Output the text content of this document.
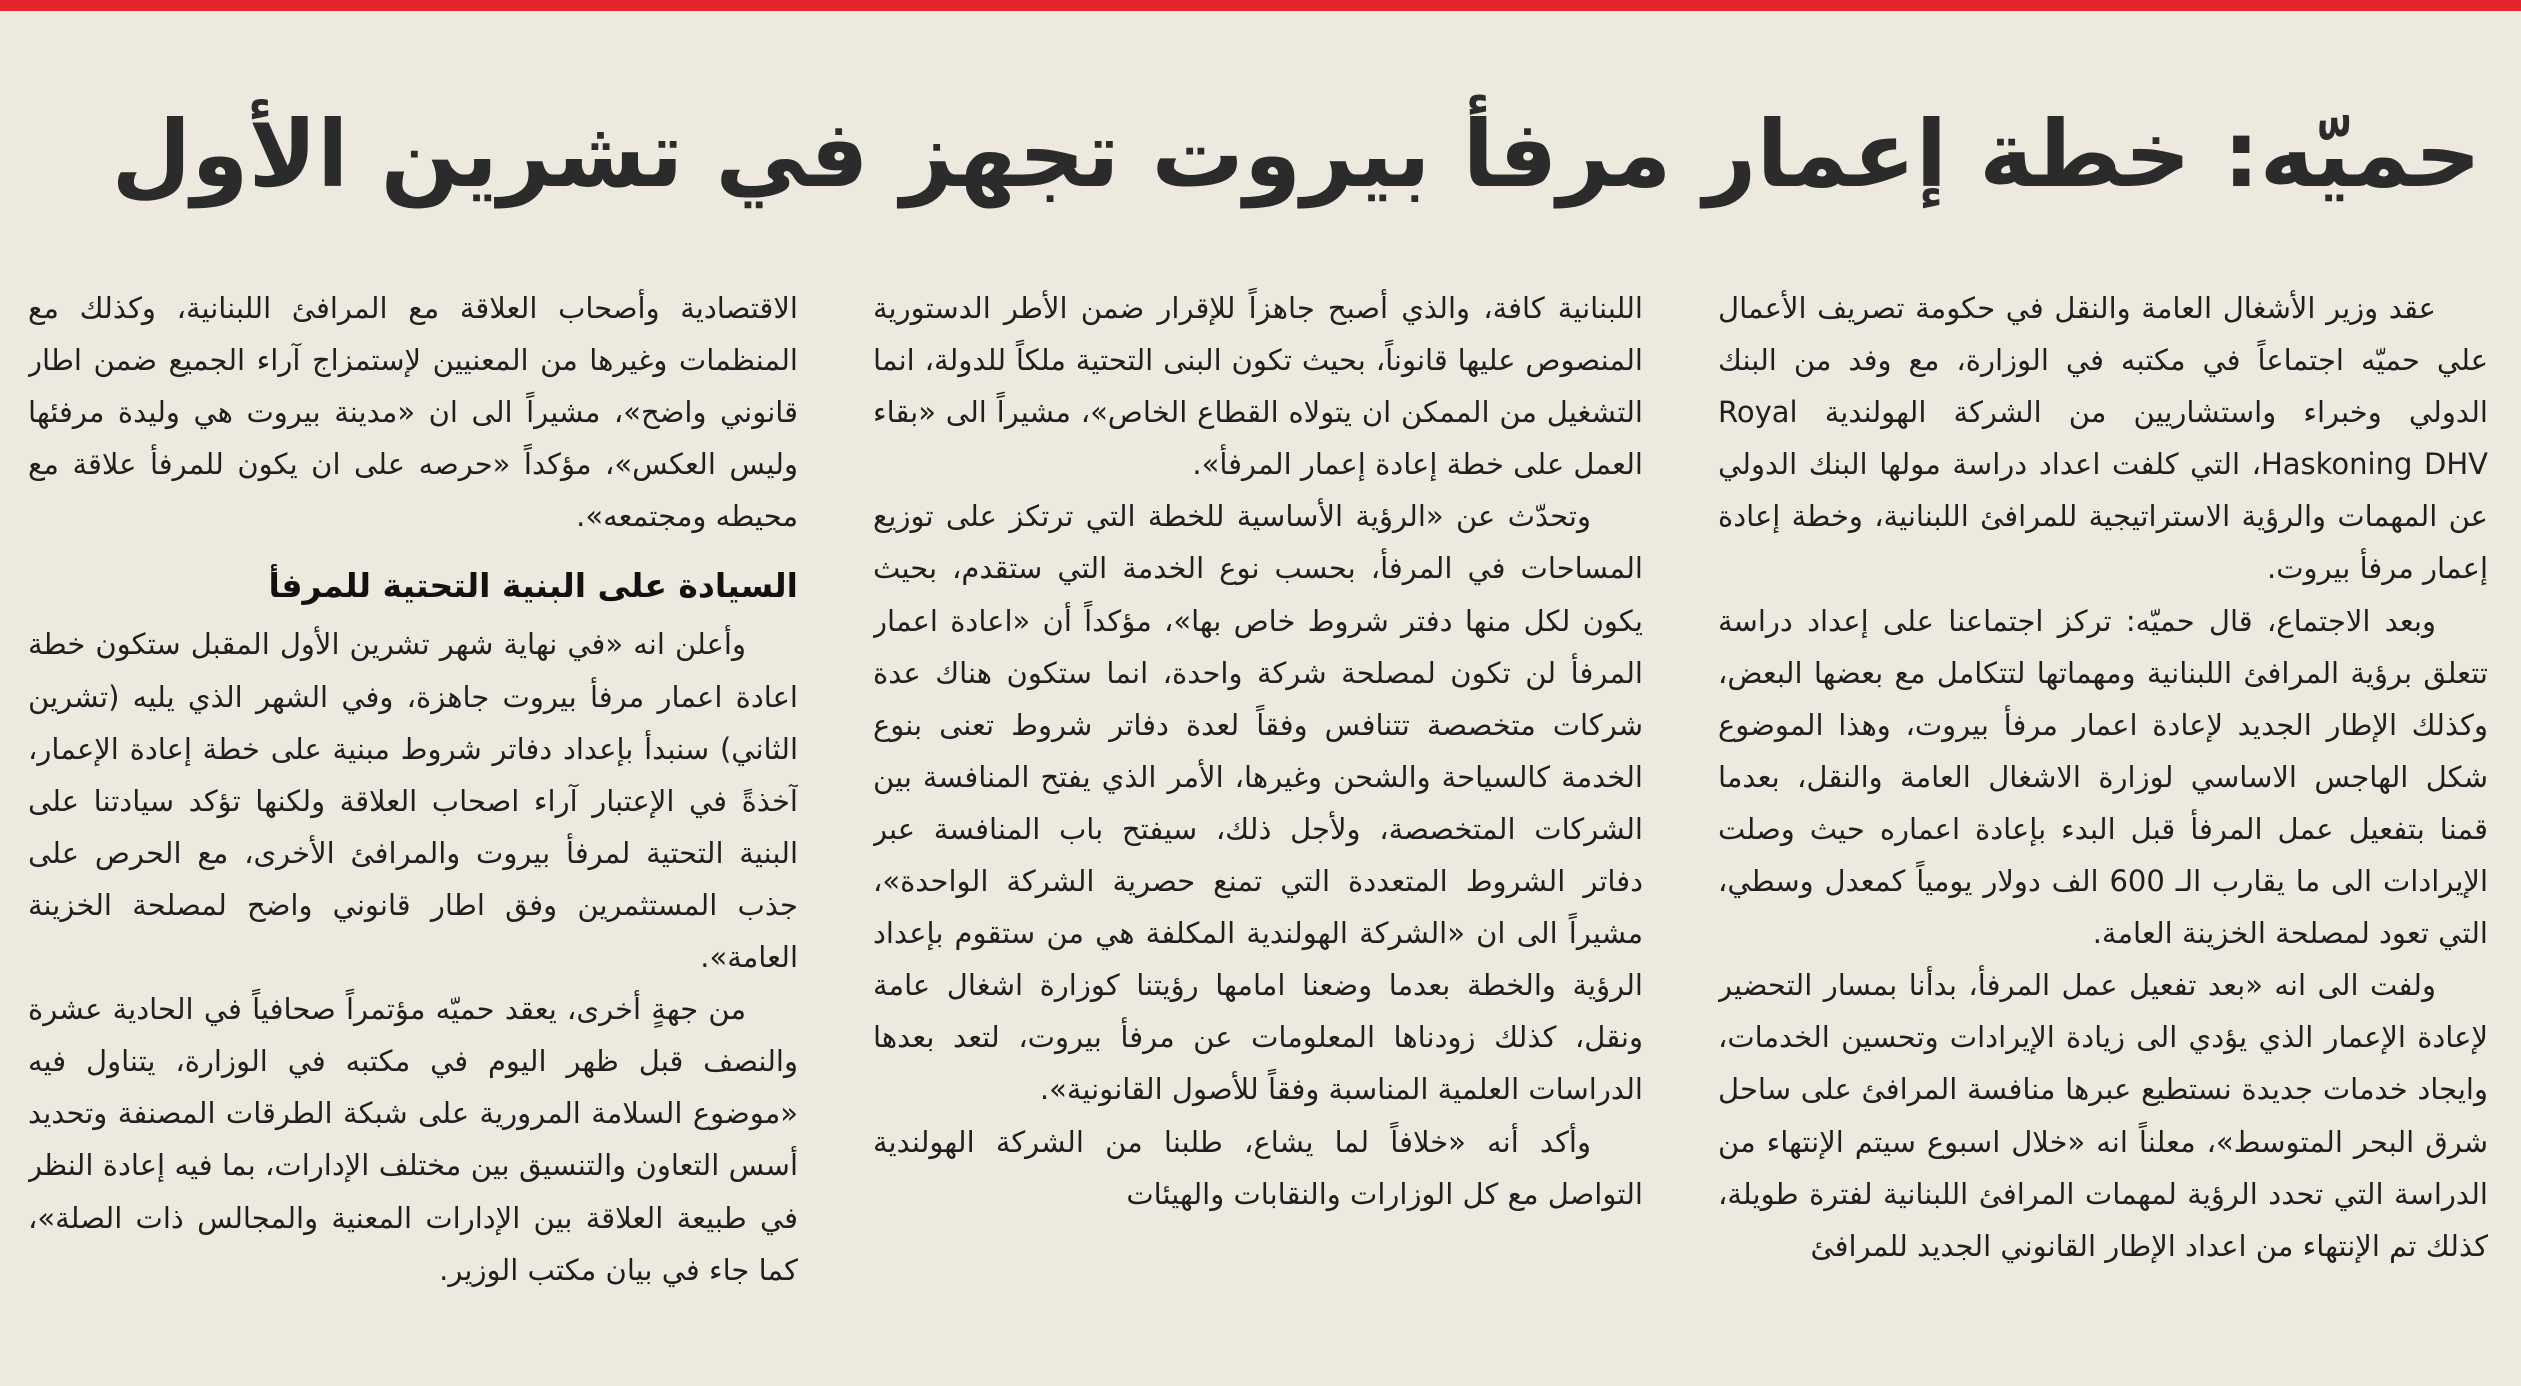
حميّه: خطة إعمار مرفأ بيروت تجهز في تشرين الأول

عقد وزير الأشغال العامة والنقل في حكومة تصريف الأعمال علي حميّه اجتماعاً في مكتبه في الوزارة، مع وفد من البنك الدولي وخبراء واستشاريين من الشركة الهولندية Royal Haskoning DHV، التي كلفت اعداد دراسة مولها البنك الدولي عن المهمات والرؤية الاستراتيجية للمرافئ اللبنانية، وخطة إعادة إعمار مرفأ بيروت.

وبعد الاجتماع، قال حميّه: تركز اجتماعنا على إعداد دراسة تتعلق برؤية المرافئ اللبنانية ومهماتها لتتكامل مع بعضها البعض، وكذلك الإطار الجديد لإعادة اعمار مرفأ بيروت، وهذا الموضوع شكل الهاجس الاساسي لوزارة الاشغال العامة والنقل، بعدما قمنا بتفعيل عمل المرفأ قبل البدء بإعادة اعماره حيث وصلت الإيرادات الى ما يقارب الـ 600 الف دولار يومياً كمعدل وسطي، التي تعود لمصلحة الخزينة العامة.

ولفت الى انه «بعد تفعيل عمل المرفأ، بدأنا بمسار التحضير لإعادة الإعمار الذي يؤدي الى زيادة الإيرادات وتحسين الخدمات، وايجاد خدمات جديدة نستطيع عبرها منافسة المرافئ على ساحل شرق البحر المتوسط»، معلناً انه «خلال اسبوع سيتم الإنتهاء من الدراسة التي تحدد الرؤية لمهمات المرافئ اللبنانية لفترة طويلة، كذلك تم الإنتهاء من اعداد الإطار القانوني الجديد للمرافئ

اللبنانية كافة، والذي أصبح جاهزاً للإقرار ضمن الأطر الدستورية المنصوص عليها قانوناً، بحيث تكون البنى التحتية ملكاً للدولة، انما التشغيل من الممكن ان يتولاه القطاع الخاص»، مشيراً الى «بقاء العمل على خطة إعادة إعمار المرفأ».

وتحدّث عن «الرؤية الأساسية للخطة التي ترتكز على توزيع المساحات في المرفأ، بحسب نوع الخدمة التي ستقدم، بحيث يكون لكل منها دفتر شروط خاص بها»، مؤكداً أن «اعادة اعمار المرفأ لن تكون لمصلحة شركة واحدة، انما ستكون هناك عدة شركات متخصصة تتنافس وفقاً لعدة دفاتر شروط تعنى بنوع الخدمة كالسياحة والشحن وغيرها، الأمر الذي يفتح المنافسة بين الشركات المتخصصة، ولأجل ذلك، سيفتح باب المنافسة عبر دفاتر الشروط المتعددة التي تمنع حصرية الشركة الواحدة»، مشيراً الى ان «الشركة الهولندية المكلفة هي من ستقوم بإعداد الرؤية والخطة بعدما وضعنا امامها رؤيتنا كوزارة اشغال عامة ونقل، كذلك زودناها المعلومات عن مرفأ بيروت، لتعد بعدها الدراسات العلمية المناسبة وفقاً للأصول القانونية».

وأكد أنه «خلافاً لما يشاع، طلبنا من الشركة الهولندية التواصل مع كل الوزارات والنقابات والهيئات

الاقتصادية وأصحاب العلاقة مع المرافئ اللبنانية، وكذلك مع المنظمات وغيرها من المعنيين لإستمزاج آراء الجميع ضمن اطار قانوني واضح»، مشيراً الى ان «مدينة بيروت هي وليدة مرفئها وليس العكس»، مؤكداً «حرصه على ان يكون للمرفأ علاقة مع محيطه ومجتمعه».

السيادة على البنية التحتية للمرفأ

وأعلن انه «في نهاية شهر تشرين الأول المقبل ستكون خطة اعادة اعمار مرفأ بيروت جاهزة، وفي الشهر الذي يليه (تشرين الثاني) سنبدأ بإعداد دفاتر شروط مبنية على خطة إعادة الإعمار، آخذةً في الإعتبار آراء اصحاب العلاقة ولكنها تؤكد سيادتنا على البنية التحتية لمرفأ بيروت والمرافئ الأخرى، مع الحرص على جذب المستثمرين وفق اطار قانوني واضح لمصلحة الخزينة العامة».

من جهةٍ أخرى، يعقد حميّه مؤتمراً صحافياً في الحادية عشرة والنصف قبل ظهر اليوم في مكتبه في الوزارة، يتناول فيه «موضوع السلامة المرورية على شبكة الطرقات المصنفة وتحديد أسس التعاون والتنسيق بين مختلف الإدارات، بما فيه إعادة النظر في طبيعة العلاقة بين الإدارات المعنية والمجالس ذات الصلة»، كما جاء في بيان مكتب الوزير.
